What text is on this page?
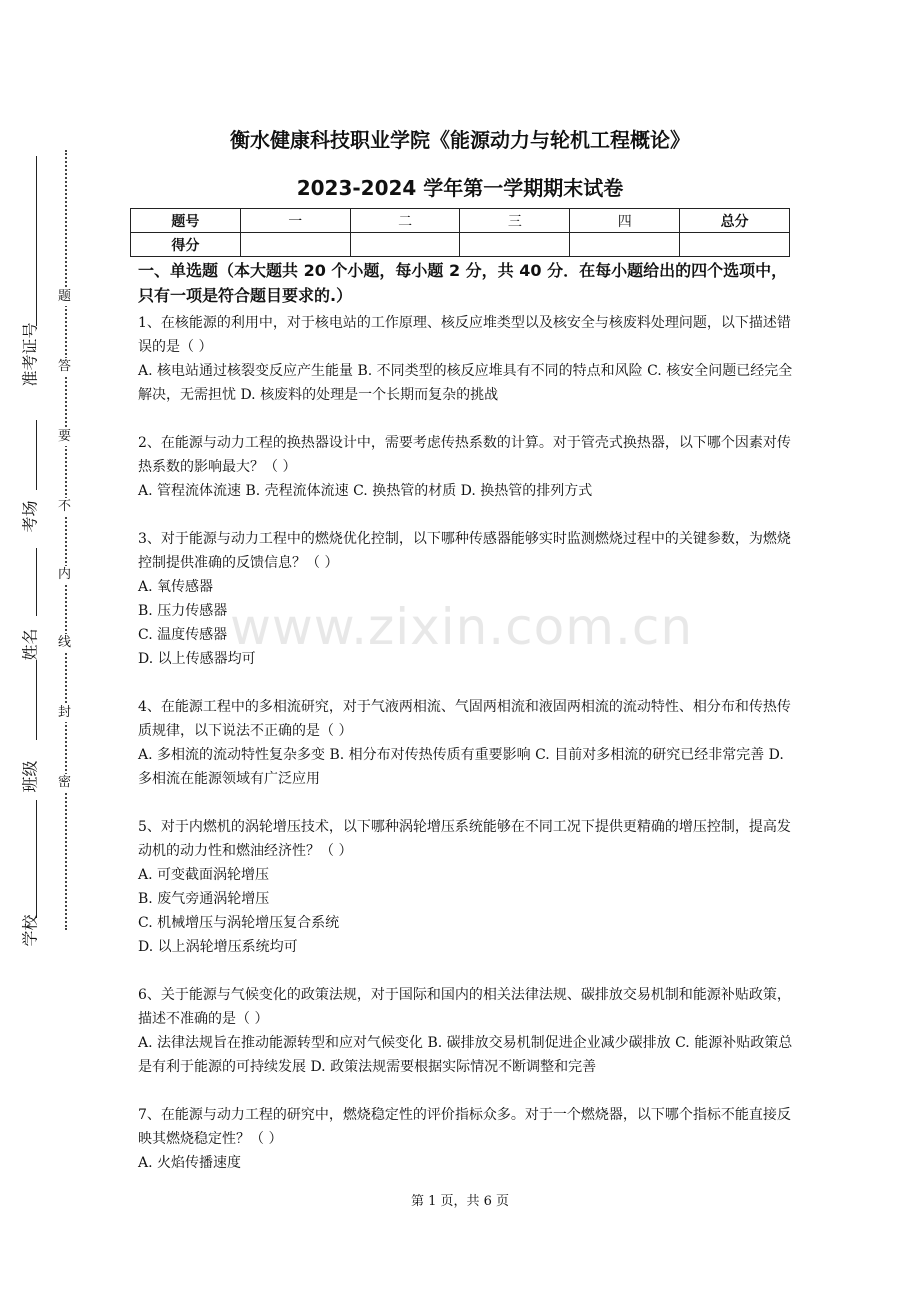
题
答
要
不
内
线
封
密
准考证号
考场
姓名
班级
学校
衡水健康科技职业学院《能源动力与轮机工程概论》
2023-2024 学年第一学期期末试卷
题号	一	二	三	四	总分
得分					
一、单选题（本大题共 20 个小题，每小题 2 分，共 40 分．在每小题给出的四个选项中，只有一项是符合题目要求的.）

1、在核能源的利用中，对于核电站的工作原理、核反应堆类型以及核安全与核废料处理问题，以下描述错误的是（ ）

A. 核电站通过核裂变反应产生能量 B. 不同类型的核反应堆具有不同的特点和风险 C. 核安全问题已经完全解决，无需担忧 D. 核废料的处理是一个长期而复杂的挑战

2、在能源与动力工程的换热器设计中，需要考虑传热系数的计算。对于管壳式换热器，以下哪个因素对传热系数的影响最大？（ ）

A. 管程流体流速 B. 壳程流体流速 C. 换热管的材质 D. 换热管的排列方式

3、对于能源与动力工程中的燃烧优化控制，以下哪种传感器能够实时监测燃烧过程中的关键参数，为燃烧控制提供准确的反馈信息？（ ）

A. 氧传感器

B. 压力传感器

C. 温度传感器

D. 以上传感器均可

4、在能源工程中的多相流研究，对于气液两相流、气固两相流和液固两相流的流动特性、相分布和传热传质规律，以下说法不正确的是（ ）

A. 多相流的流动特性复杂多变 B. 相分布对传热传质有重要影响 C. 目前对多相流的研究已经非常完善 D. 多相流在能源领域有广泛应用

5、对于内燃机的涡轮增压技术，以下哪种涡轮增压系统能够在不同工况下提供更精确的增压控制，提高发动机的动力性和燃油经济性？（ ）

A. 可变截面涡轮增压

B. 废气旁通涡轮增压

C. 机械增压与涡轮增压复合系统

D. 以上涡轮增压系统均可

6、关于能源与气候变化的政策法规，对于国际和国内的相关法律法规、碳排放交易机制和能源补贴政策，描述不准确的是（ ）

A. 法律法规旨在推动能源转型和应对气候变化 B. 碳排放交易机制促进企业减少碳排放 C. 能源补贴政策总是有利于能源的可持续发展 D. 政策法规需要根据实际情况不断调整和完善

7、在能源与动力工程的研究中，燃烧稳定性的评价指标众多。对于一个燃烧器，以下哪个指标不能直接反映其燃烧稳定性？（ ）

A. 火焰传播速度

www.zixin.com.cn
第 1 页，共 6 页
